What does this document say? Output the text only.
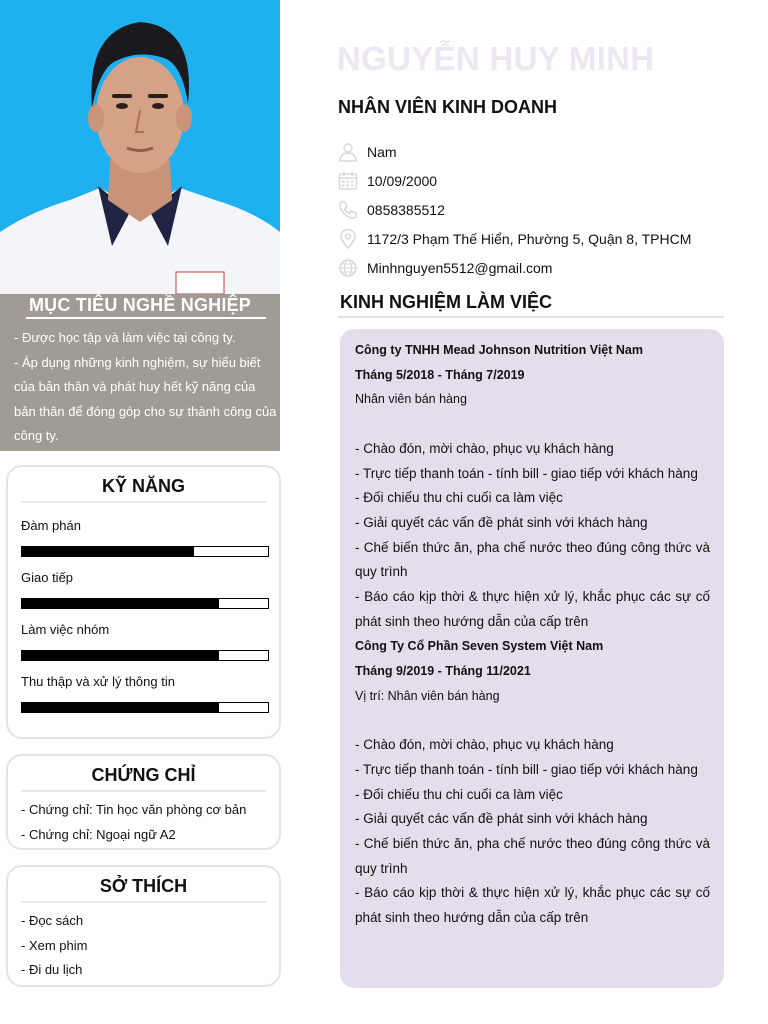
MỤC TIÊU NGHỀ NGHIỆP

- Được học tập và làm việc tại công ty.

- Áp dụng những kinh nghiệm, sự hiểu biết của bản thân và phát huy hết kỹ năng của bản thân để đóng góp cho sự thành công của công ty.

KỸ NĂNG
Đàm phán
Giao tiếp
Làm việc nhóm
Thu thập và xử lý thông tin
CHỨNG CHỈ
- Chứng chỉ: Tin học văn phòng cơ bản
- Chứng chỉ: Ngoại ngữ A2
SỞ THÍCH
- Đọc sách
- Xem phim
- Đi du lịch
NGUYỄN HUY MINH
NHÂN VIÊN KINH DOANH
Nam
10/09/2000
0858385512
1172/3 Phạm Thế Hiển, Phường 5, Quận 8, TPHCM
Minhnguyen5512@gmail.com
KINH NGHIỆM LÀM VIỆC
Công ty TNHH Mead Johnson Nutrition Việt Nam
Tháng 5/2018 - Tháng 7/2019
Nhân viên bán hàng
- Chào đón, mời chào, phục vụ khách hàng
- Trực tiếp thanh toán - tính bill - giao tiếp với khách hàng
- Đối chiếu thu chi cuối ca làm việc
- Giải quyết các vấn đề phát sinh với khách hàng
- Chế biến thức ăn, pha chế nước theo đúng công thức và quy trình
- Báo cáo kịp thời & thực hiện xử lý, khắc phục các sự cố phát sinh theo hướng dẫn của cấp trên
Công Ty Cổ Phần Seven System Việt Nam
Tháng 9/2019 - Tháng 11/2021
Vị trí: Nhân viên bán hàng
- Chào đón, mời chào, phục vụ khách hàng
- Trực tiếp thanh toán - tính bill - giao tiếp với khách hàng
- Đối chiếu thu chi cuối ca làm việc
- Giải quyết các vấn đề phát sinh với khách hàng
- Chế biến thức ăn, pha chế nước theo đúng công thức và quy trình
- Báo cáo kịp thời & thực hiện xử lý, khắc phục các sự cố phát sinh theo hướng dẫn của cấp trên
